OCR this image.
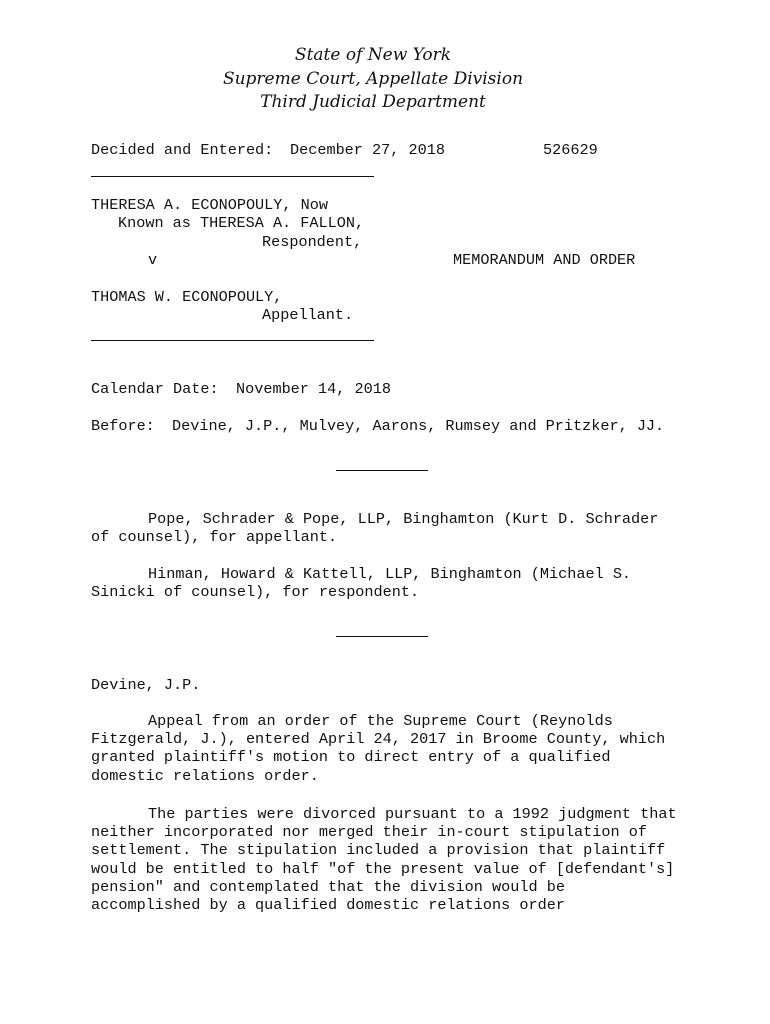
State of New York
Supreme Court, Appellate Division
Third Judicial Department
Decided and Entered: December 27, 2018	526629
THERESA A. ECONOPOULY, Now
Known as THERESA A. FALLON,
Respondent,
v	MEMORANDUM AND ORDER
THOMAS W. ECONOPOULY,
Appellant.
Calendar Date: November 14, 2018
Before: Devine, J.P., Mulvey, Aarons, Rumsey and Pritzker, JJ.

Pope, Schrader & Pope, LLP, Binghamton (Kurt D. Schrader of counsel), for appellant.

Hinman, Howard & Kattell, LLP, Binghamton (Michael S. Sinicki of counsel), for respondent.

Devine, J.P.

Appeal from an order of the Supreme Court (Reynolds Fitzgerald, J.), entered April 24, 2017 in Broome County, which granted plaintiff's motion to direct entry of a qualified domestic relations order.

The parties were divorced pursuant to a 1992 judgment that neither incorporated nor merged their in-court stipulation of settlement. The stipulation included a provision that plaintiff would be entitled to half "of the present value of [defendant's] pension" and contemplated that the division would be accomplished by a qualified domestic relations order
